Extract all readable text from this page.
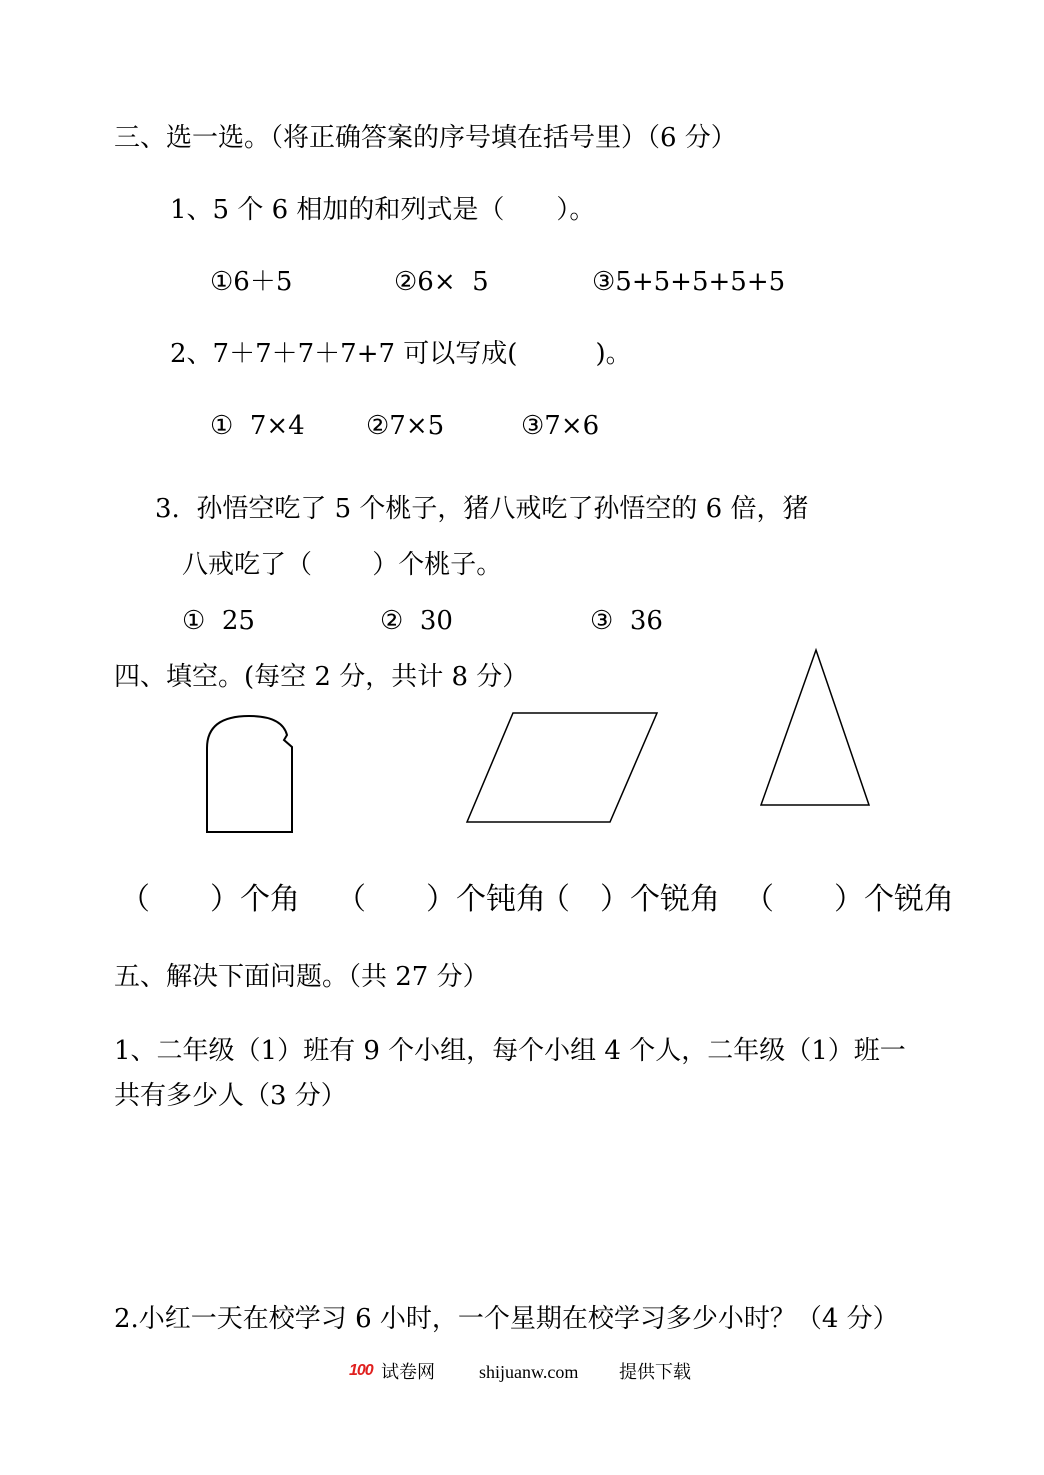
三、选一选。（将正确答案的序号填在括号里）（6 分）
1、5 个 6 相加的和列式是（　　）。
①6＋5	②6×  5	③5+5+5+5+5
2、7＋7＋7＋7+7 可以写成(　　　)。
①  7×4 ②7×5	③7×6
3.  孙悟空吃了 5 个桃子，猪八戒吃了孙悟空的 6 倍，猪
八戒吃了（　　 ）个桃子。
①  25	②  30	③  36
四、填空。(每空 2 分，共计 8 分）
（　　）个角 （　　）个钝角
（　）个锐角 （　　）个锐角
五、解决下面问题。（共 27 分）
1、二年级（1）班有 9 个小组，每个小组 4 个人，二年级（1）班一
共有多少人（3 分）
2.小红一天在校学习 6 小时，一个星期在校学习多少小时？（4 分）
100 试卷网 shijuanw.com 提供下载
